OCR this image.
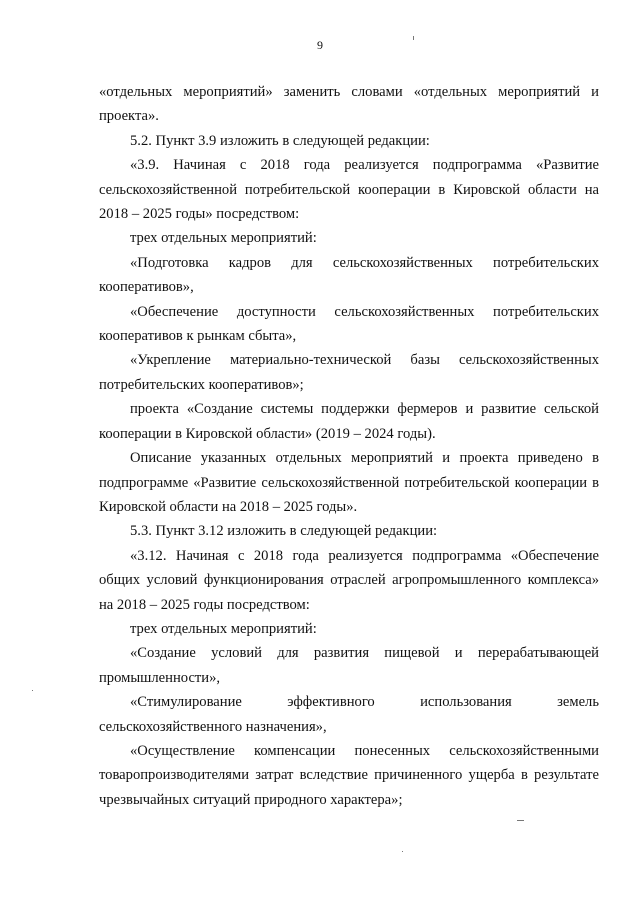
9

«отдельных мероприятий» заменить словами «отдельных мероприятий и проекта».

5.2. Пункт 3.9 изложить в следующей редакции:

«3.9. Начиная с 2018 года реализуется подпрограмма «Развитие сельскохозяйственной потребительской кооперации в Кировской области на 2018 – 2025 годы» посредством:

трех отдельных мероприятий:

«Подготовка кадров для сельскохозяйственных потребительских кооперативов»,

«Обеспечение доступности сельскохозяйственных потребительских кооперативов к рынкам сбыта»,

«Укрепление материально-технической базы сельскохозяйственных потребительских кооперативов»;

проекта «Создание системы поддержки фермеров и развитие сельской кооперации в Кировской области» (2019 – 2024 годы).

Описание указанных отдельных мероприятий и проекта приведено в подпрограмме «Развитие сельскохозяйственной потребительской кооперации в Кировской области на 2018 – 2025 годы».

5.3. Пункт 3.12 изложить в следующей редакции:

«3.12. Начиная с 2018 года реализуется подпрограмма «Обеспечение общих условий функционирования отраслей агропромышленного комплекса» на 2018 – 2025 годы посредством:

трех отдельных мероприятий:

«Создание условий для развития пищевой и перерабатывающей промышленности»,

«Стимулирование эффективного использования земель сельскохозяйственного назначения»,

«Осуществление компенсации понесенных сельскохозяйственными товаропроизводителями затрат вследствие причиненного ущерба в результате чрезвычайных ситуаций природного характера»;
